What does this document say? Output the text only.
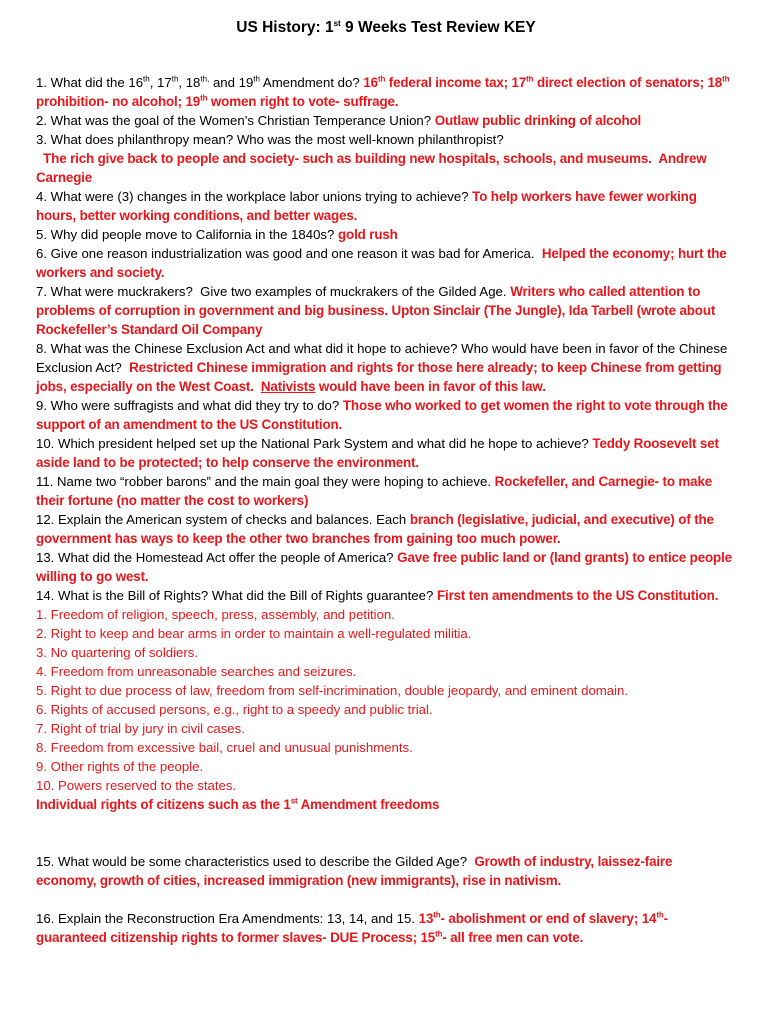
US History: 1st 9 Weeks Test Review KEY

1. What did the 16th, 17th, $18^{th,}$ and 19th Amendment do? 16th federal income tax; 17th direct election of senators; 18th prohibition- no alcohol; 19th women right to vote- suffrage.

2. What was the goal of the Women’s Christian Temperance Union? Outlaw public drinking of alcohol

3. What does philanthropy mean? Who was the most well-known philanthropist?

The rich give back to people and society- such as building new hospitals, schools, and museums.  Andrew Carnegie

4. What were (3) changes in the workplace labor unions trying to achieve? To help workers have fewer working hours, better working conditions, and better wages.

5. Why did people move to California in the 1840s? gold rush

6. Give one reason industrialization was good and one reason it was bad for America.  Helped the economy; hurt the workers and society.

7. What were muckrakers?  Give two examples of muckrakers of the Gilded Age. Writers who called attention to problems of corruption in government and big business. Upton Sinclair (The Jungle), Ida Tarbell (wrote about Rockefeller’s Standard Oil Company

8. What was the Chinese Exclusion Act and what did it hope to achieve? Who would have been in favor of the Chinese Exclusion Act?  Restricted Chinese immigration and rights for those here already; to keep Chinese from getting jobs, especially on the West Coast.  Nativists would have been in favor of this law.

9. Who were suffragists and what did they try to do? Those who worked to get women the right to vote through the support of an amendment to the US Constitution.

10. Which president helped set up the National Park System and what did he hope to achieve? Teddy Roosevelt set aside land to be protected; to help conserve the environment.

11. Name two “robber barons” and the main goal they were hoping to achieve. Rockefeller, and Carnegie- to make their fortune (no matter the cost to workers)

12. Explain the American system of checks and balances. Each branch (legislative, judicial, and executive) of the government has ways to keep the other two branches from gaining too much power.

13. What did the Homestead Act offer the people of America? Gave free public land or (land grants) to entice people willing to go west.

14. What is the Bill of Rights? What did the Bill of Rights guarantee? First ten amendments to the US Constitution.

1. Freedom of religion, speech, press, assembly, and petition.
2. Right to keep and bear arms in order to maintain a well-regulated militia.
3. No quartering of soldiers.
4. Freedom from unreasonable searches and seizures.
5. Right to due process of law, freedom from self-incrimination, double jeopardy, and eminent domain.
6. Rights of accused persons, e.g., right to a speedy and public trial.
7. Right of trial by jury in civil cases.
8. Freedom from excessive bail, cruel and unusual punishments.
9. Other rights of the people.
10. Powers reserved to the states.

Individual rights of citizens such as the 1st Amendment freedoms

15. What would be some characteristics used to describe the Gilded Age?  Growth of industry, laissez-faire economy, growth of cities, increased immigration (new immigrants), rise in nativism.

16. Explain the Reconstruction Era Amendments: 13, 14, and 15. 13th- abolishment or end of slavery; 14th- guaranteed citizenship rights to former slaves- DUE Process; 15th- all free men can vote.
